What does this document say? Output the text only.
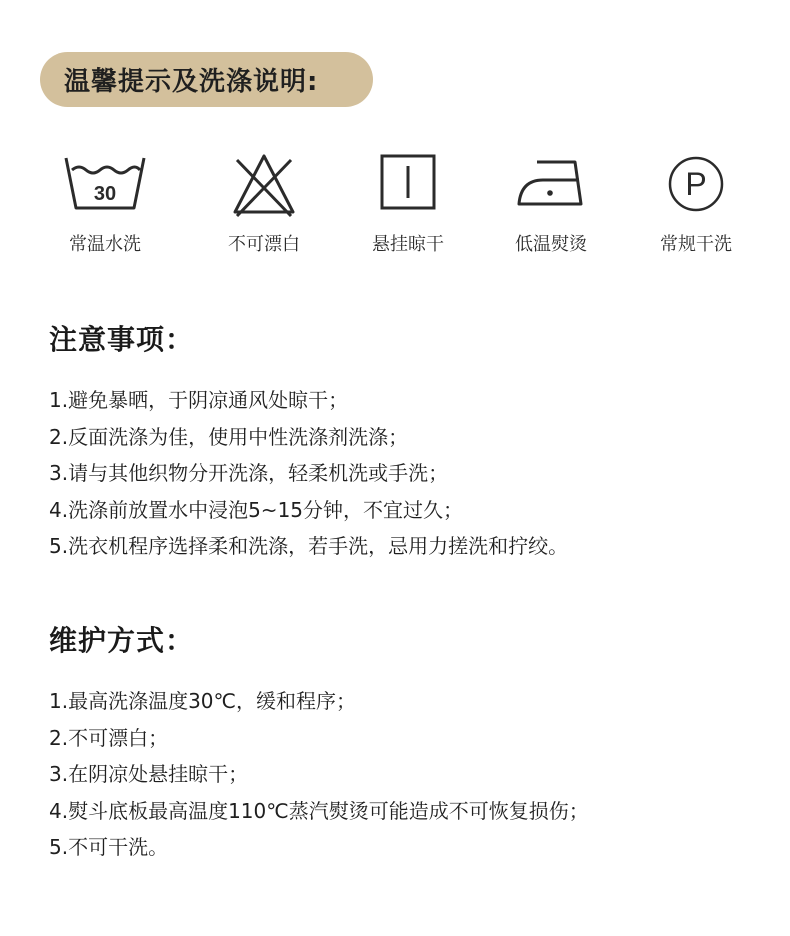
温馨提示及洗涤说明:
30
常温水洗	不可漂白	悬挂晾干	低温熨烫
P
常规干洗
注意事项：
1.避免暴晒，于阴凉通风处晾干；
2.反面洗涤为佳，使用中性洗涤剂洗涤；
3.请与其他织物分开洗涤，轻柔机洗或手洗；
4.洗涤前放置水中浸泡5~15分钟，不宜过久；
5.洗衣机程序选择柔和洗涤，若手洗，忌用力搓洗和拧绞。
维护方式：
1.最高洗涤温度30℃，缓和程序；
2.不可漂白；
3.在阴凉处悬挂晾干；
4.熨斗底板最高温度110℃蒸汽熨烫可能造成不可恢复损伤；
5.不可干洗。
